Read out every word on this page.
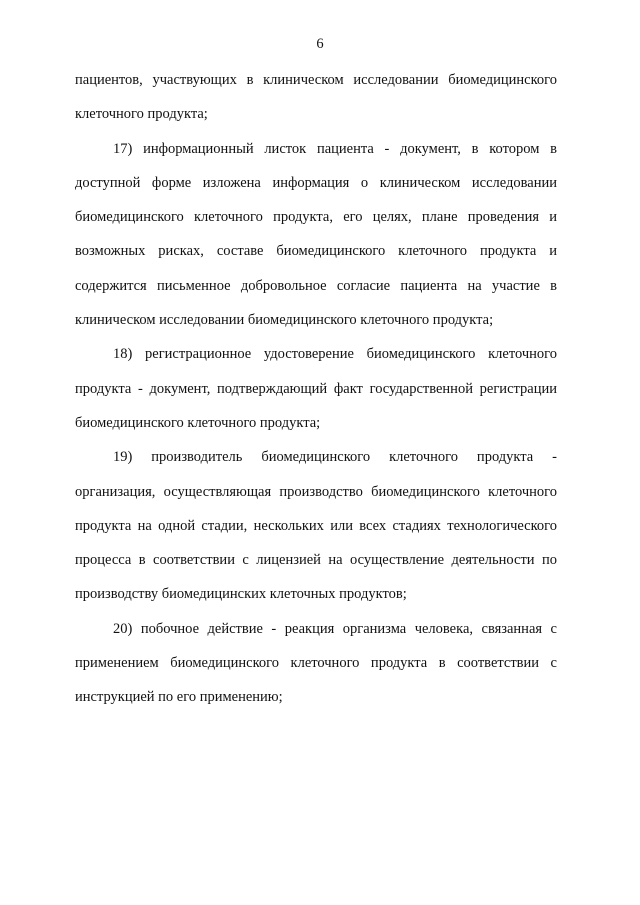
6
пациентов, участвующих в клиническом исследовании биомедицинского
клеточного продукта;
17) информационный листок пациента - документ, в котором в
доступной форме изложена информация о клиническом исследовании
биомедицинского клеточного продукта, его целях, плане проведения и
возможных рисках, составе биомедицинского клеточного продукта и
содержится письменное добровольное согласие пациента на участие в
клиническом исследовании биомедицинского клеточного продукта;
18) регистрационное удостоверение биомедицинского клеточного
продукта - документ, подтверждающий факт государственной регистрации
биомедицинского клеточного продукта;
19) производитель биомедицинского клеточного продукта -
организация, осуществляющая производство биомедицинского клеточного
продукта на одной стадии, нескольких или всех стадиях технологического
процесса в соответствии с лицензией на осуществление деятельности по
производству биомедицинских клеточных продуктов;
20) побочное действие - реакция организма человека, связанная с
применением биомедицинского клеточного продукта в соответствии с
инструкцией по его применению;
